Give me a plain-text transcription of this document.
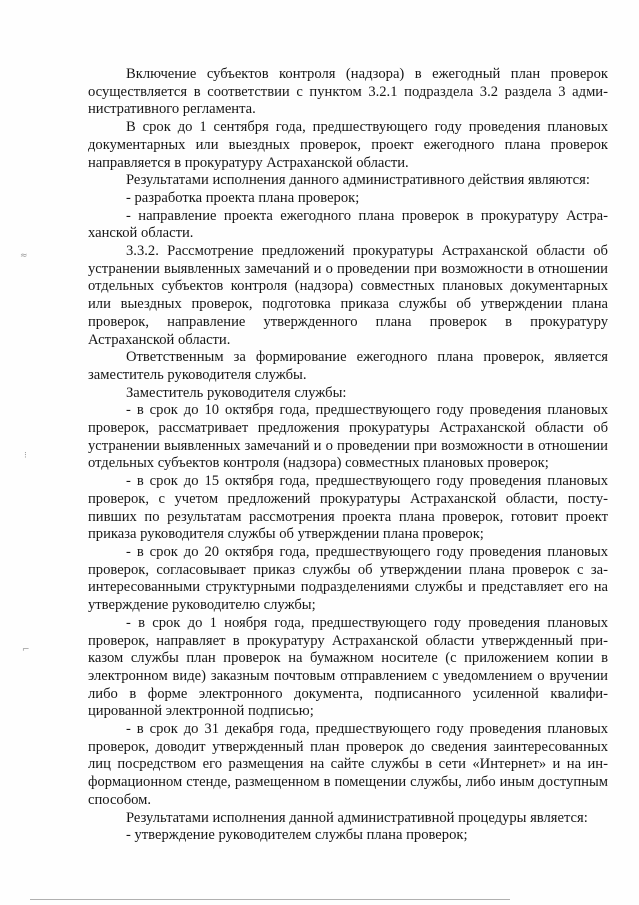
≈
⁝
⌐

Включение субъектов контроля (надзора) в ежегодный план проверок осуществляется в соответствии с пунктом 3.2.1 подраздела 3.2 раздела 3 административного регламента.

В срок до 1 сентября года, предшествующего году проведения плановых документарных или выездных проверок, проект ежегодного плана проверок направляется в прокуратуру Астраханской области.

Результатами исполнения данного административного действия являются:

- разработка проекта плана проверок;

- направление проекта ежегодного плана проверок в прокуратуру Астраханской области.

3.3.2. Рассмотрение предложений прокуратуры Астраханской области об устранении выявленных замечаний и о проведении при возможности в отношении отдельных субъектов контроля (надзора) совместных плановых документарных или выездных проверок, подготовка приказа службы об утверждении плана проверок, направление утвержденного плана проверок в прокуратуру Астраханской области.

Ответственным за формирование ежегодного плана проверок, является заместитель руководителя службы.

Заместитель руководителя службы:

- в срок до 10 октября года, предшествующего году проведения плановых проверок, рассматривает предложения прокуратуры Астраханской области об устранении выявленных замечаний и о проведении при возможности в отношении отдельных субъектов контроля (надзора) совместных плановых проверок;

- в срок до 15 октября года, предшествующего году проведения плановых проверок, с учетом предложений прокуратуры Астраханской области, поступивших по результатам рассмотрения проекта плана проверок, готовит проект приказа руководителя службы об утверждении плана проверок;

- в срок до 20 октября года, предшествующего году проведения плановых проверок, согласовывает приказ службы об утверждении плана проверок с заинтересованными структурными подразделениями службы и представляет его на утверждение руководителю службы;

- в срок до 1 ноября года, предшествующего году проведения плановых проверок, направляет в прокуратуру Астраханской области утвержденный приказом службы план проверок на бумажном носителе (с приложением копии в электронном виде) заказным почтовым отправлением с уведомлением о вручении либо в форме электронного документа, подписанного усиленной квалифицированной электронной подписью;

- в срок до 31 декабря года, предшествующего году проведения плановых проверок, доводит утвержденный план проверок до сведения заинтересованных лиц посредством его размещения на сайте службы в сети «Интернет» и на информационном стенде, размещенном в помещении службы, либо иным доступным способом.

Результатами исполнения данной административной процедуры является:

- утверждение руководителем службы плана проверок;
